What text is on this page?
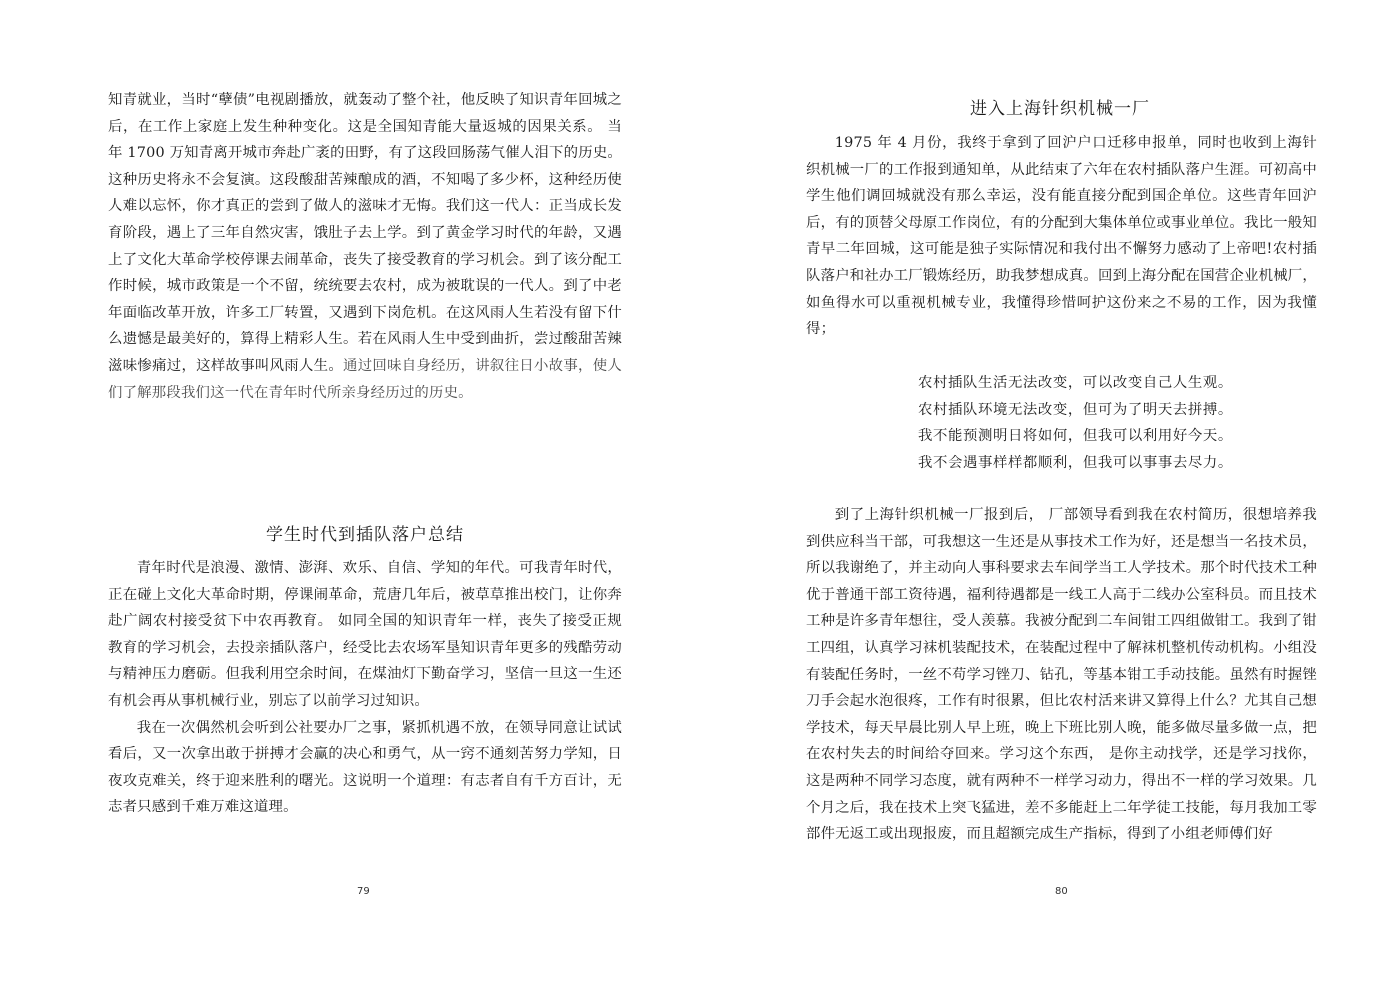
知青就业，当时“孽债”电视剧播放，就轰动了整个社，他反映了知识青年回城之后，在工作上家庭上发生种种变化。这是全国知青能大量返城的因果关系。 当年 1700 万知青离开城市奔赴广袤的田野，有了这段回肠荡气催人泪下的历史。这种历史将永不会复演。这段酸甜苦辣酿成的酒，不知喝了多少杯，这种经历使人难以忘怀，你才真正的尝到了做人的滋味才无悔。我们这一代人：正当成长发育阶段，遇上了三年自然灾害，饿肚子去上学。到了黄金学习时代的年龄，又遇上了文化大革命学校停课去闹革命，丧失了接受教育的学习机会。到了该分配工作时候，城市政策是一个不留，统统要去农村，成为被耽误的一代人。到了中老年面临改革开放，许多工厂转置，又遇到下岗危机。在这风雨人生若没有留下什么遗憾是最美好的，算得上精彩人生。若在风雨人生中受到曲折，尝过酸甜苦辣滋味惨痛过，这样故事叫风雨人生。通过回味自身经历，讲叙往日小故事，使人们了解那段我们这一代在青年时代所亲身经历过的历史。

学生时代到插队落户总结

青年时代是浪漫、激情、澎湃、欢乐、自信、学知的年代。可我青年时代，正在碰上文化大革命时期，停课闹革命，荒唐几年后，被草草推出校门，让你奔赴广阔农村接受贫下中农再教育。 如同全国的知识青年一样，丧失了接受正规教育的学习机会，去投亲插队落户，经受比去农场军垦知识青年更多的残酷劳动与精神压力磨砺。但我利用空余时间，在煤油灯下勤奋学习，坚信一旦这一生还有机会再从事机械行业，别忘了以前学习过知识。

我在一次偶然机会听到公社要办厂之事，紧抓机遇不放，在领导同意让试试看后，又一次拿出敢于拼搏才会赢的决心和勇气，从一窍不通刻苦努力学知，日夜攻克难关，终于迎来胜利的曙光。这说明一个道理：有志者自有千方百计，无志者只感到千难万难这道理。

79
进入上海针织机械一厂

1975 年 4 月份，我终于拿到了回沪户口迁移申报单，同时也收到上海针织机械一厂的工作报到通知单，从此结束了六年在农村插队落户生涯。可初高中学生他们调回城就没有那么幸运，没有能直接分配到国企单位。这些青年回沪后，有的顶替父母原工作岗位，有的分配到大集体单位或事业单位。我比一般知青早二年回城，这可能是独子实际情况和我付出不懈努力感动了上帝吧!农村插队落户和社办工厂锻炼经历，助我梦想成真。回到上海分配在国营企业机械厂，如鱼得水可以重视机械专业，我懂得珍惜呵护这份来之不易的工作，因为我懂得；

农村插队生活无法改变，可以改变自己人生观。
农村插队环境无法改变，但可为了明天去拼搏。
我不能预测明日将如何，但我可以利用好今天。
我不会遇事样样都顺利，但我可以事事去尽力。

到了上海针织机械一厂报到后， 厂部领导看到我在农村简历，很想培养我到供应科当干部，可我想这一生还是从事技术工作为好，还是想当一名技术员，所以我谢绝了，并主动向人事科要求去车间学当工人学技术。那个时代技术工种优于普通干部工资待遇，福利待遇都是一线工人高于二线办公室科员。而且技术工种是许多青年想往，受人羡慕。我被分配到二车间钳工四组做钳工。我到了钳工四组，认真学习袜机装配技术，在装配过程中了解袜机整机传动机构。小组没有装配任务时，一丝不苟学习锉刀、钻孔，等基本钳工手动技能。虽然有时握锉刀手会起水泡很疼，工作有时很累，但比农村活来讲又算得上什么？尤其自己想学技术，每天早晨比别人早上班，晚上下班比别人晚，能多做尽量多做一点，把在农村失去的时间给夺回来。学习这个东西， 是你主动找学，还是学习找你，这是两种不同学习态度，就有两种不一样学习动力，得出不一样的学习效果。几个月之后，我在技术上突飞猛进，差不多能赶上二年学徒工技能，每月我加工零部件无返工或出现报废，而且超额完成生产指标，得到了小组老师傅们好

80
